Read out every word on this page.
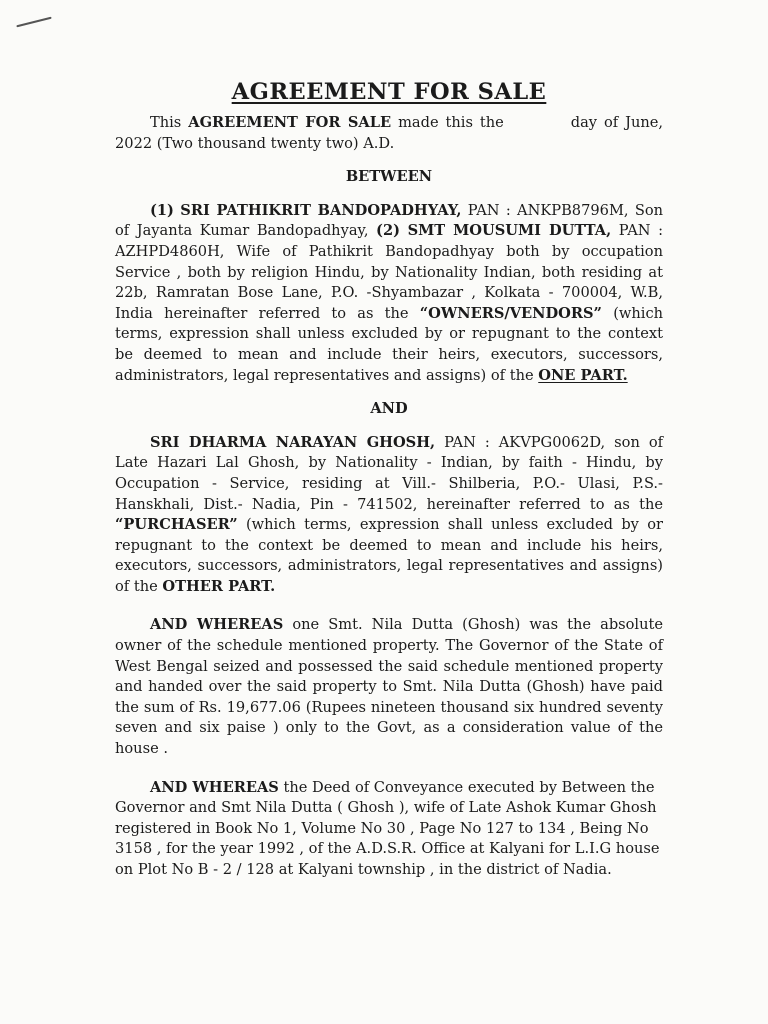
AGREEMENT FOR SALE

This AGREEMENT FOR SALE made this the	day of June, 2022 (Two thousand twenty two) A.D.

BETWEEN

(1) SRI PATHIKRIT BANDOPADHYAY, PAN : ANKPB8796M, Son of Jayanta Kumar Bandopadhyay, (2) SMT MOUSUMI DUTTA, PAN : AZHPD4860H, Wife of Pathikrit Bandopadhyay both by occupation Service , both by religion Hindu, by Nationality Indian, both residing at 22b, Ramratan Bose Lane, P.O. -Shyambazar , Kolkata - 700004, W.B, India hereinafter referred to as the “OWNERS/VENDORS” (which terms, expression shall unless excluded by or repugnant to the context be deemed to mean and include their heirs, executors, successors, administrators, legal representatives and assigns) of the ONE PART.

AND

SRI DHARMA NARAYAN GHOSH, PAN : AKVPG0062D, son of Late Hazari Lal Ghosh, by Nationality - Indian, by faith - Hindu, by Occupation - Service, residing at Vill.- Shilberia, P.O.- Ulasi, P.S.- Hanskhali, Dist.- Nadia, Pin - 741502, hereinafter referred to as the “PURCHASER” (which terms, expression shall unless excluded by or repugnant to the context be deemed to mean and include his heirs, executors, successors, administrators, legal representatives and assigns) of the OTHER PART.

AND WHEREAS one Smt. Nila Dutta (Ghosh) was the absolute owner of the schedule mentioned property. The Governor of the State of West Bengal seized and possessed the said schedule mentioned property and handed over the said property to Smt. Nila Dutta (Ghosh) have paid the sum of Rs. 19,677.06 (Rupees nineteen thousand six hundred seventy seven and six paise ) only to the Govt, as a consideration value of the house .

AND WHEREAS the Deed of Conveyance executed by Between the Governor and Smt Nila Dutta ( Ghosh ), wife of Late Ashok Kumar Ghosh registered in Book No 1, Volume No 30 , Page No 127 to 134 , Being No 3158 , for the year 1992 , of the A.D.S.R. Office at Kalyani for L.I.G house on Plot No B - 2 / 128 at Kalyani township , in the district of Nadia.
